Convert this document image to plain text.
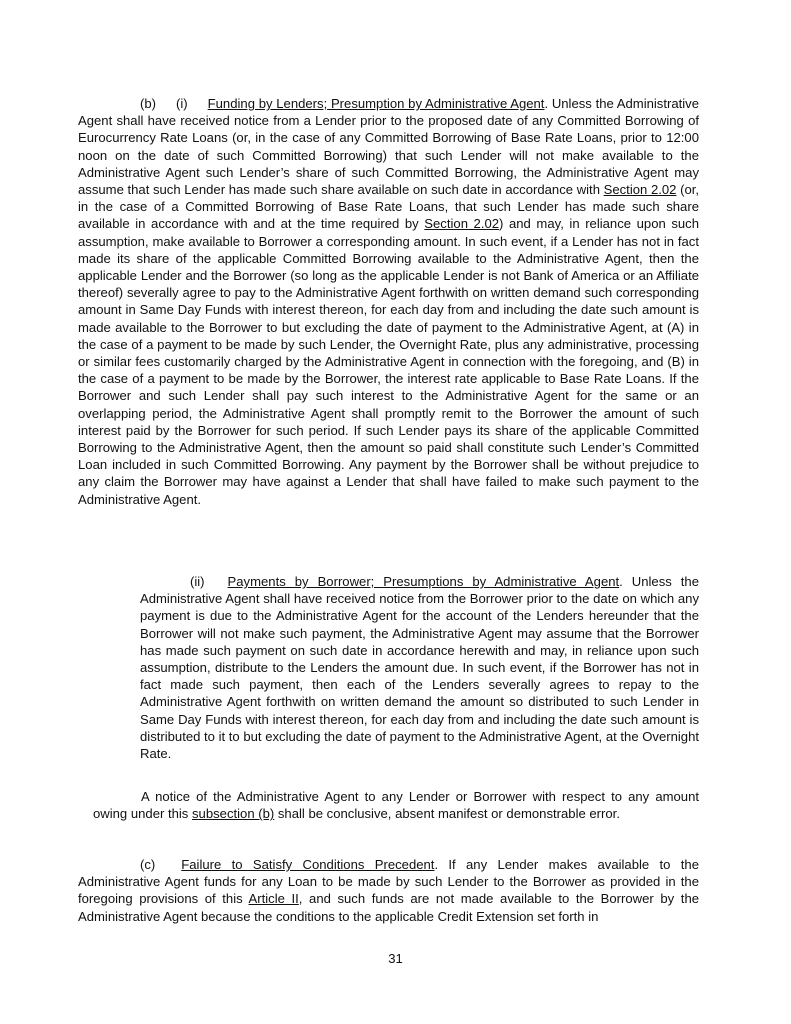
(b) (i) Funding by Lenders; Presumption by Administrative Agent. Unless the Administrative Agent shall have received notice from a Lender prior to the proposed date of any Committed Borrowing of Eurocurrency Rate Loans (or, in the case of any Committed Borrowing of Base Rate Loans, prior to 12:00 noon on the date of such Committed Borrowing) that such Lender will not make available to the Administrative Agent such Lender’s share of such Committed Borrowing, the Administrative Agent may assume that such Lender has made such share available on such date in accordance with Section 2.02 (or, in the case of a Committed Borrowing of Base Rate Loans, that such Lender has made such share available in accordance with and at the time required by Section 2.02) and may, in reliance upon such assumption, make available to Borrower a corresponding amount. In such event, if a Lender has not in fact made its share of the applicable Committed Borrowing available to the Administrative Agent, then the applicable Lender and the Borrower (so long as the applicable Lender is not Bank of America or an Affiliate thereof) severally agree to pay to the Administrative Agent forthwith on written demand such corresponding amount in Same Day Funds with interest thereon, for each day from and including the date such amount is made available to the Borrower to but excluding the date of payment to the Administrative Agent, at (A) in the case of a payment to be made by such Lender, the Overnight Rate, plus any administrative, processing or similar fees customarily charged by the Administrative Agent in connection with the foregoing, and (B) in the case of a payment to be made by the Borrower, the interest rate applicable to Base Rate Loans. If the Borrower and such Lender shall pay such interest to the Administrative Agent for the same or an overlapping period, the Administrative Agent shall promptly remit to the Borrower the amount of such interest paid by the Borrower for such period. If such Lender pays its share of the applicable Committed Borrowing to the Administrative Agent, then the amount so paid shall constitute such Lender’s Committed Loan included in such Committed Borrowing. Any payment by the Borrower shall be without prejudice to any claim the Borrower may have against a Lender that shall have failed to make such payment to the Administrative Agent.

(ii) Payments by Borrower; Presumptions by Administrative Agent. Unless the Administrative Agent shall have received notice from the Borrower prior to the date on which any payment is due to the Administrative Agent for the account of the Lenders hereunder that the Borrower will not make such payment, the Administrative Agent may assume that the Borrower has made such payment on such date in accordance herewith and may, in reliance upon such assumption, distribute to the Lenders the amount due. In such event, if the Borrower has not in fact made such payment, then each of the Lenders severally agrees to repay to the Administrative Agent forthwith on written demand the amount so distributed to such Lender in Same Day Funds with interest thereon, for each day from and including the date such amount is distributed to it to but excluding the date of payment to the Administrative Agent, at the Overnight Rate.

A notice of the Administrative Agent to any Lender or Borrower with respect to any amount owing under this subsection (b) shall be conclusive, absent manifest or demonstrable error.

(c) Failure to Satisfy Conditions Precedent. If any Lender makes available to the Administrative Agent funds for any Loan to be made by such Lender to the Borrower as provided in the foregoing provisions of this Article II, and such funds are not made available to the Borrower by the Administrative Agent because the conditions to the applicable Credit Extension set forth in

31
